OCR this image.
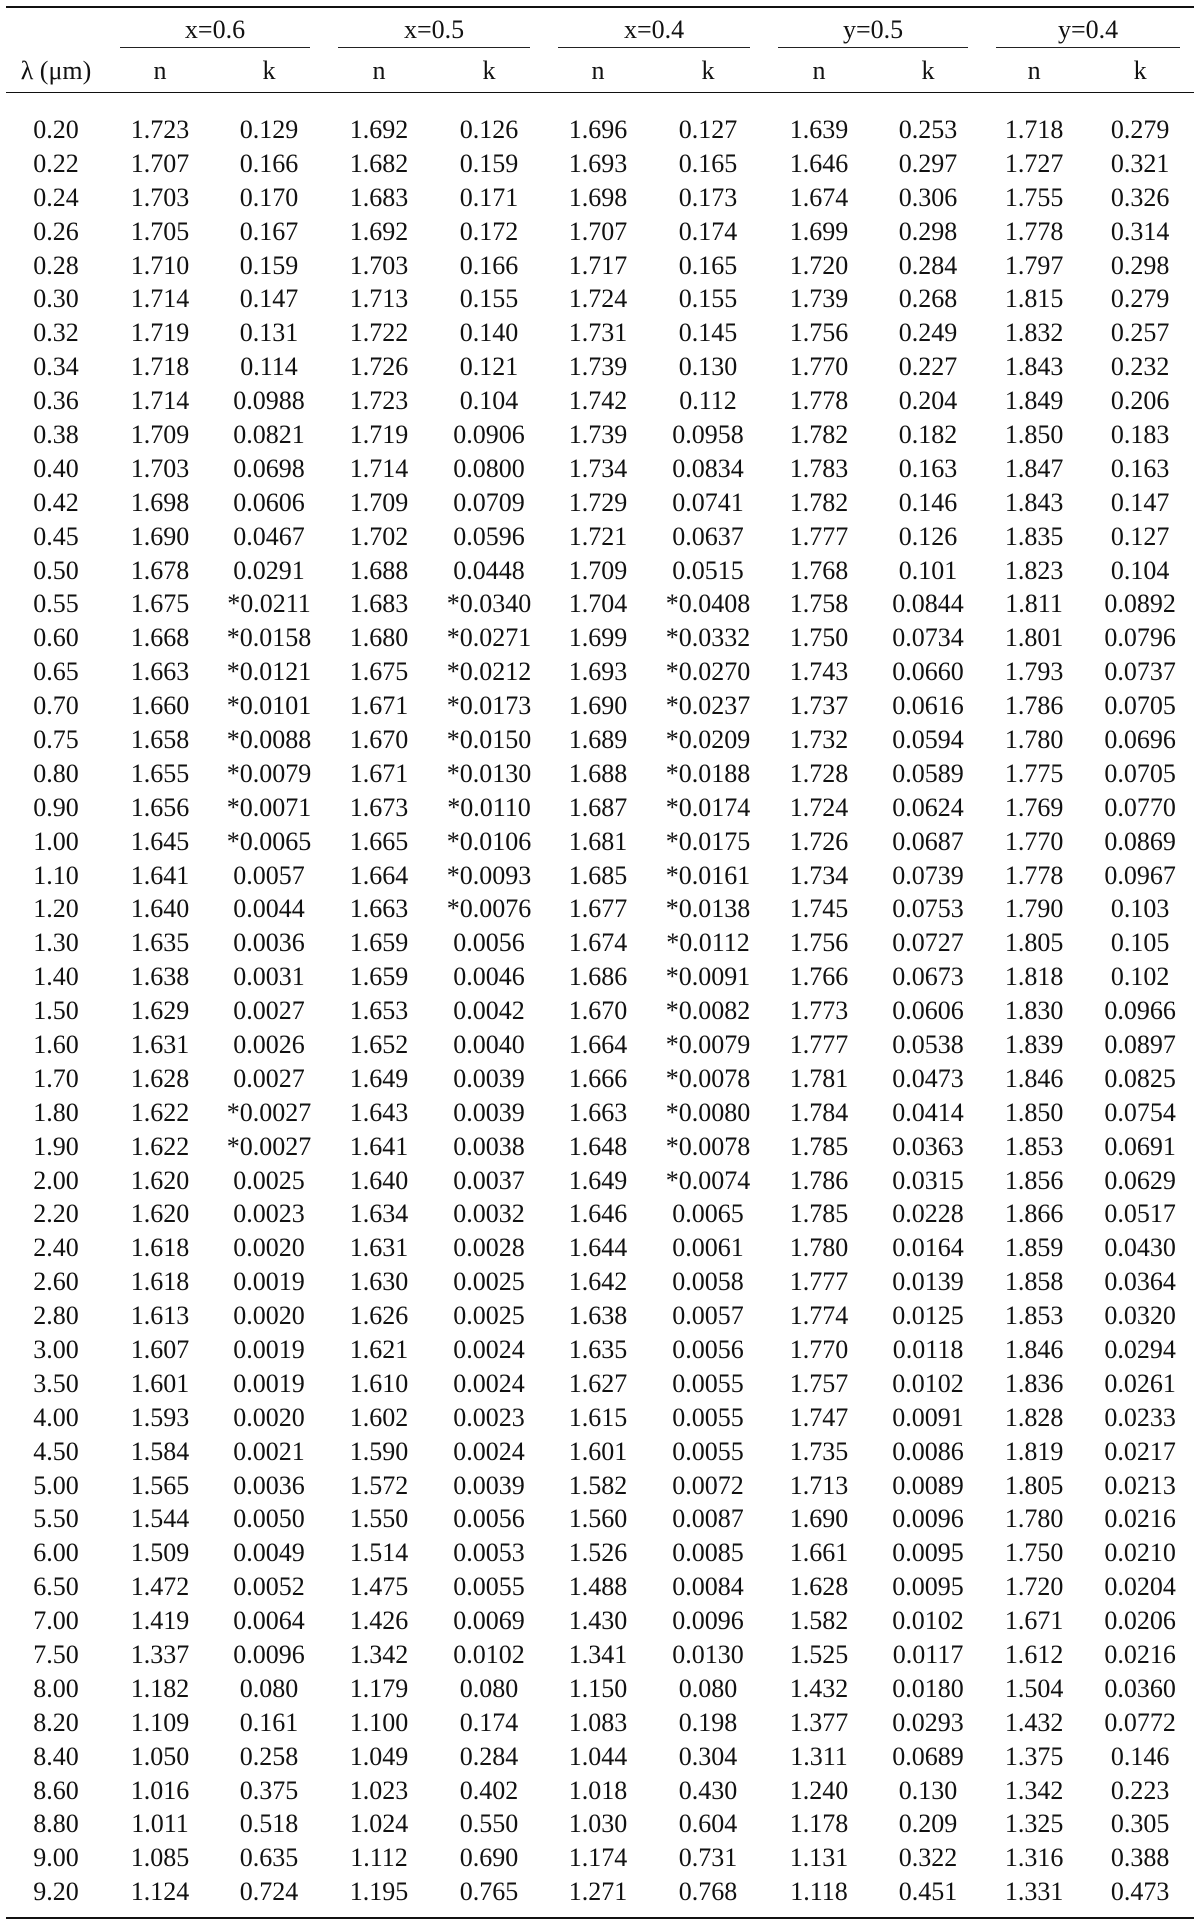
	x=0.6		x=0.5		x=0.4		y=0.5		y=0.4	

λ (μm)	n	k	n	k	n	k	n	k	n	k
0.20	1.723	0.129	1.692	0.126	1.696	0.127	1.639	0.253	1.718	0.279
0.22	1.707	0.166	1.682	0.159	1.693	0.165	1.646	0.297	1.727	0.321
0.24	1.703	0.170	1.683	0.171	1.698	0.173	1.674	0.306	1.755	0.326
0.26	1.705	0.167	1.692	0.172	1.707	0.174	1.699	0.298	1.778	0.314
0.28	1.710	0.159	1.703	0.166	1.717	0.165	1.720	0.284	1.797	0.298
0.30	1.714	0.147	1.713	0.155	1.724	0.155	1.739	0.268	1.815	0.279
0.32	1.719	0.131	1.722	0.140	1.731	0.145	1.756	0.249	1.832	0.257
0.34	1.718	0.114	1.726	0.121	1.739	0.130	1.770	0.227	1.843	0.232
0.36	1.714	0.0988	1.723	0.104	1.742	0.112	1.778	0.204	1.849	0.206
0.38	1.709	0.0821	1.719	0.0906	1.739	0.0958	1.782	0.182	1.850	0.183
0.40	1.703	0.0698	1.714	0.0800	1.734	0.0834	1.783	0.163	1.847	0.163
0.42	1.698	0.0606	1.709	0.0709	1.729	0.0741	1.782	0.146	1.843	0.147
0.45	1.690	0.0467	1.702	0.0596	1.721	0.0637	1.777	0.126	1.835	0.127
0.50	1.678	0.0291	1.688	0.0448	1.709	0.0515	1.768	0.101	1.823	0.104
0.55	1.675	*0.0211	1.683	*0.0340	1.704	*0.0408	1.758	0.0844	1.811	0.0892
0.60	1.668	*0.0158	1.680	*0.0271	1.699	*0.0332	1.750	0.0734	1.801	0.0796
0.65	1.663	*0.0121	1.675	*0.0212	1.693	*0.0270	1.743	0.0660	1.793	0.0737
0.70	1.660	*0.0101	1.671	*0.0173	1.690	*0.0237	1.737	0.0616	1.786	0.0705
0.75	1.658	*0.0088	1.670	*0.0150	1.689	*0.0209	1.732	0.0594	1.780	0.0696
0.80	1.655	*0.0079	1.671	*0.0130	1.688	*0.0188	1.728	0.0589	1.775	0.0705
0.90	1.656	*0.0071	1.673	*0.0110	1.687	*0.0174	1.724	0.0624	1.769	0.0770
1.00	1.645	*0.0065	1.665	*0.0106	1.681	*0.0175	1.726	0.0687	1.770	0.0869
1.10	1.641	0.0057	1.664	*0.0093	1.685	*0.0161	1.734	0.0739	1.778	0.0967
1.20	1.640	0.0044	1.663	*0.0076	1.677	*0.0138	1.745	0.0753	1.790	0.103
1.30	1.635	0.0036	1.659	0.0056	1.674	*0.0112	1.756	0.0727	1.805	0.105
1.40	1.638	0.0031	1.659	0.0046	1.686	*0.0091	1.766	0.0673	1.818	0.102
1.50	1.629	0.0027	1.653	0.0042	1.670	*0.0082	1.773	0.0606	1.830	0.0966
1.60	1.631	0.0026	1.652	0.0040	1.664	*0.0079	1.777	0.0538	1.839	0.0897
1.70	1.628	0.0027	1.649	0.0039	1.666	*0.0078	1.781	0.0473	1.846	0.0825
1.80	1.622	*0.0027	1.643	0.0039	1.663	*0.0080	1.784	0.0414	1.850	0.0754
1.90	1.622	*0.0027	1.641	0.0038	1.648	*0.0078	1.785	0.0363	1.853	0.0691
2.00	1.620	0.0025	1.640	0.0037	1.649	*0.0074	1.786	0.0315	1.856	0.0629
2.20	1.620	0.0023	1.634	0.0032	1.646	0.0065	1.785	0.0228	1.866	0.0517
2.40	1.618	0.0020	1.631	0.0028	1.644	0.0061	1.780	0.0164	1.859	0.0430
2.60	1.618	0.0019	1.630	0.0025	1.642	0.0058	1.777	0.0139	1.858	0.0364
2.80	1.613	0.0020	1.626	0.0025	1.638	0.0057	1.774	0.0125	1.853	0.0320
3.00	1.607	0.0019	1.621	0.0024	1.635	0.0056	1.770	0.0118	1.846	0.0294
3.50	1.601	0.0019	1.610	0.0024	1.627	0.0055	1.757	0.0102	1.836	0.0261
4.00	1.593	0.0020	1.602	0.0023	1.615	0.0055	1.747	0.0091	1.828	0.0233
4.50	1.584	0.0021	1.590	0.0024	1.601	0.0055	1.735	0.0086	1.819	0.0217
5.00	1.565	0.0036	1.572	0.0039	1.582	0.0072	1.713	0.0089	1.805	0.0213
5.50	1.544	0.0050	1.550	0.0056	1.560	0.0087	1.690	0.0096	1.780	0.0216
6.00	1.509	0.0049	1.514	0.0053	1.526	0.0085	1.661	0.0095	1.750	0.0210
6.50	1.472	0.0052	1.475	0.0055	1.488	0.0084	1.628	0.0095	1.720	0.0204
7.00	1.419	0.0064	1.426	0.0069	1.430	0.0096	1.582	0.0102	1.671	0.0206
7.50	1.337	0.0096	1.342	0.0102	1.341	0.0130	1.525	0.0117	1.612	0.0216
8.00	1.182	0.080	1.179	0.080	1.150	0.080	1.432	0.0180	1.504	0.0360
8.20	1.109	0.161	1.100	0.174	1.083	0.198	1.377	0.0293	1.432	0.0772
8.40	1.050	0.258	1.049	0.284	1.044	0.304	1.311	0.0689	1.375	0.146
8.60	1.016	0.375	1.023	0.402	1.018	0.430	1.240	0.130	1.342	0.223
8.80	1.011	0.518	1.024	0.550	1.030	0.604	1.178	0.209	1.325	0.305
9.00	1.085	0.635	1.112	0.690	1.174	0.731	1.131	0.322	1.316	0.388
9.20	1.124	0.724	1.195	0.765	1.271	0.768	1.118	0.451	1.331	0.473
